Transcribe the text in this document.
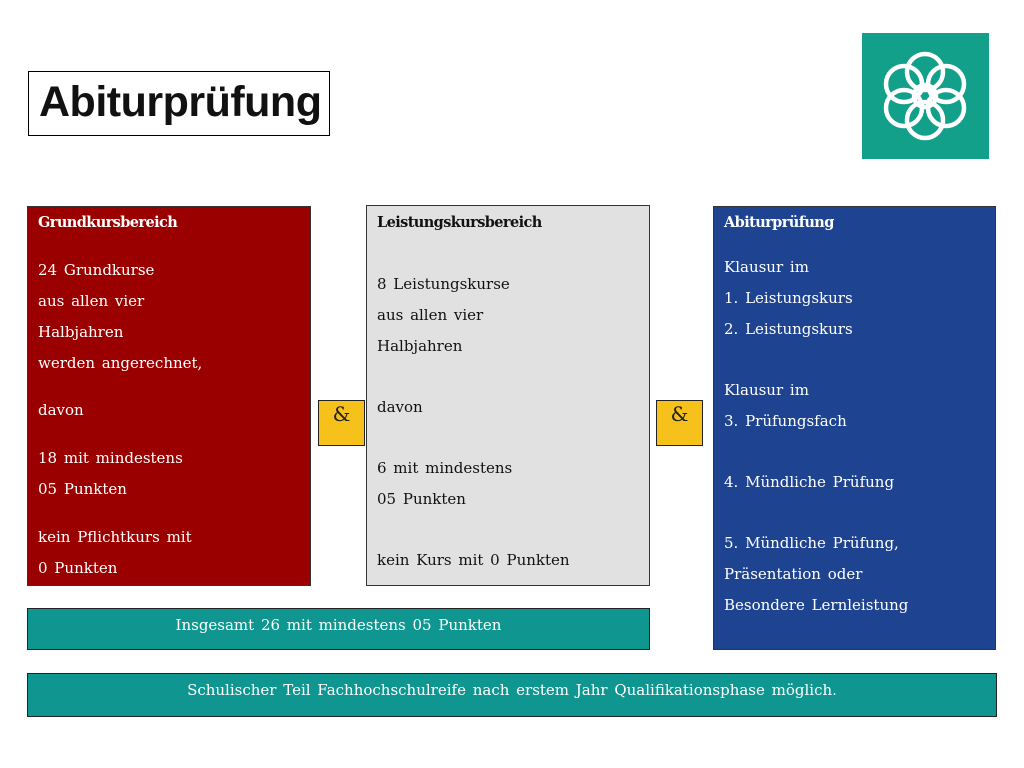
Abiturprüfung
Grundkursbereich
24 Grundkurse
aus allen vier
Halbjahren
werden angerechnet,
davon
18 mit mindestens
05 Punkten
kein Pflichtkurs mit
0 Punkten
Leistungskursbereich
8 Leistungskurse
aus allen vier
Halbjahren
davon
6 mit mindestens
05 Punkten
kein Kurs mit 0 Punkten
Abiturprüfung
Klausur im
1. Leistungskurs
2. Leistungskurs
Klausur im
3. Prüfungsfach
4. Mündliche Prüfung
5. Mündliche Prüfung,
Präsentation oder
Besondere Lernleistung
&	&
Insgesamt 26 mit mindestens 05 Punkten
Schulischer Teil Fachhochschulreife nach erstem Jahr Qualifikationsphase möglich.
